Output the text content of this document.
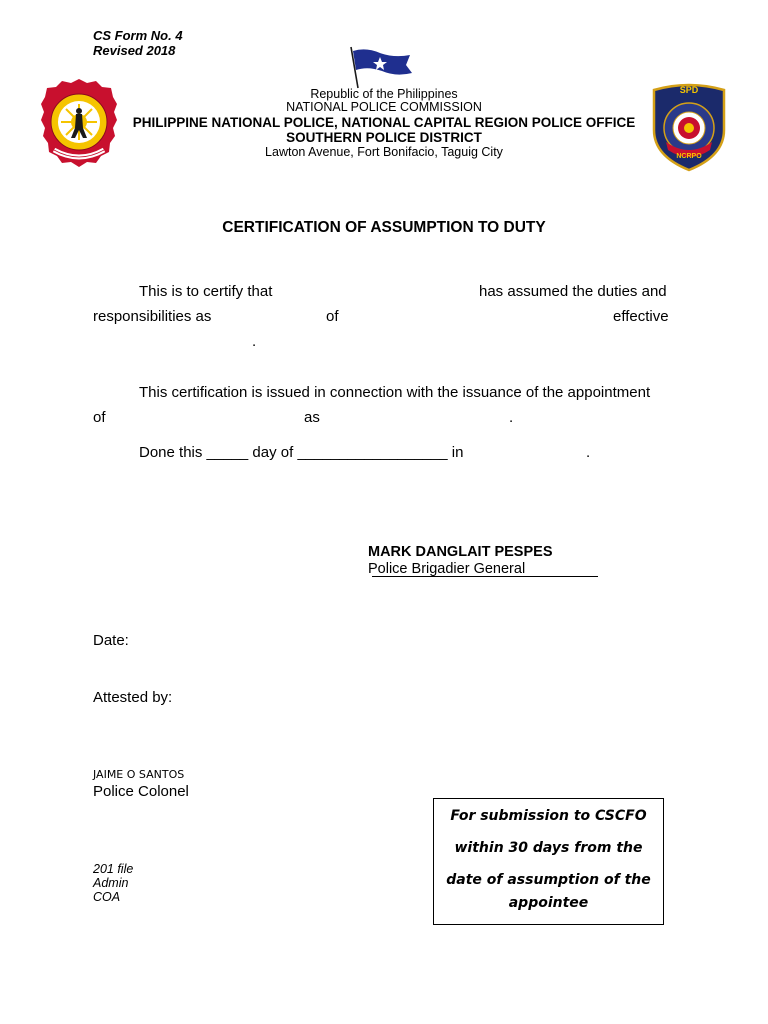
CS Form No. 4
Revised 2018
SPD
NCRPO
Republic of the Philippines
NATIONAL POLICE COMMISSION
PHILIPPINE NATIONAL POLICE, NATIONAL CAPITAL REGION POLICE OFFICE
SOUTHERN POLICE DISTRICT
Lawton Avenue, Fort Bonifacio, Taguig City
CERTIFICATION OF ASSUMPTION TO DUTY
This is to certify that	has assumed the duties and
responsibilities as	of	effective
.
This certification is issued in connection with the issuance of the appointment
of	as	.
Done this _____ day of __________________ in	.
MARK DANGLAIT PESPES
Police Brigadier General
Date:
Attested by:
JAIME O SANTOS
Police Colonel
201 file
Admin
COA
For submission to CSCFO
within 30 days from the
date of assumption of the
appointee
